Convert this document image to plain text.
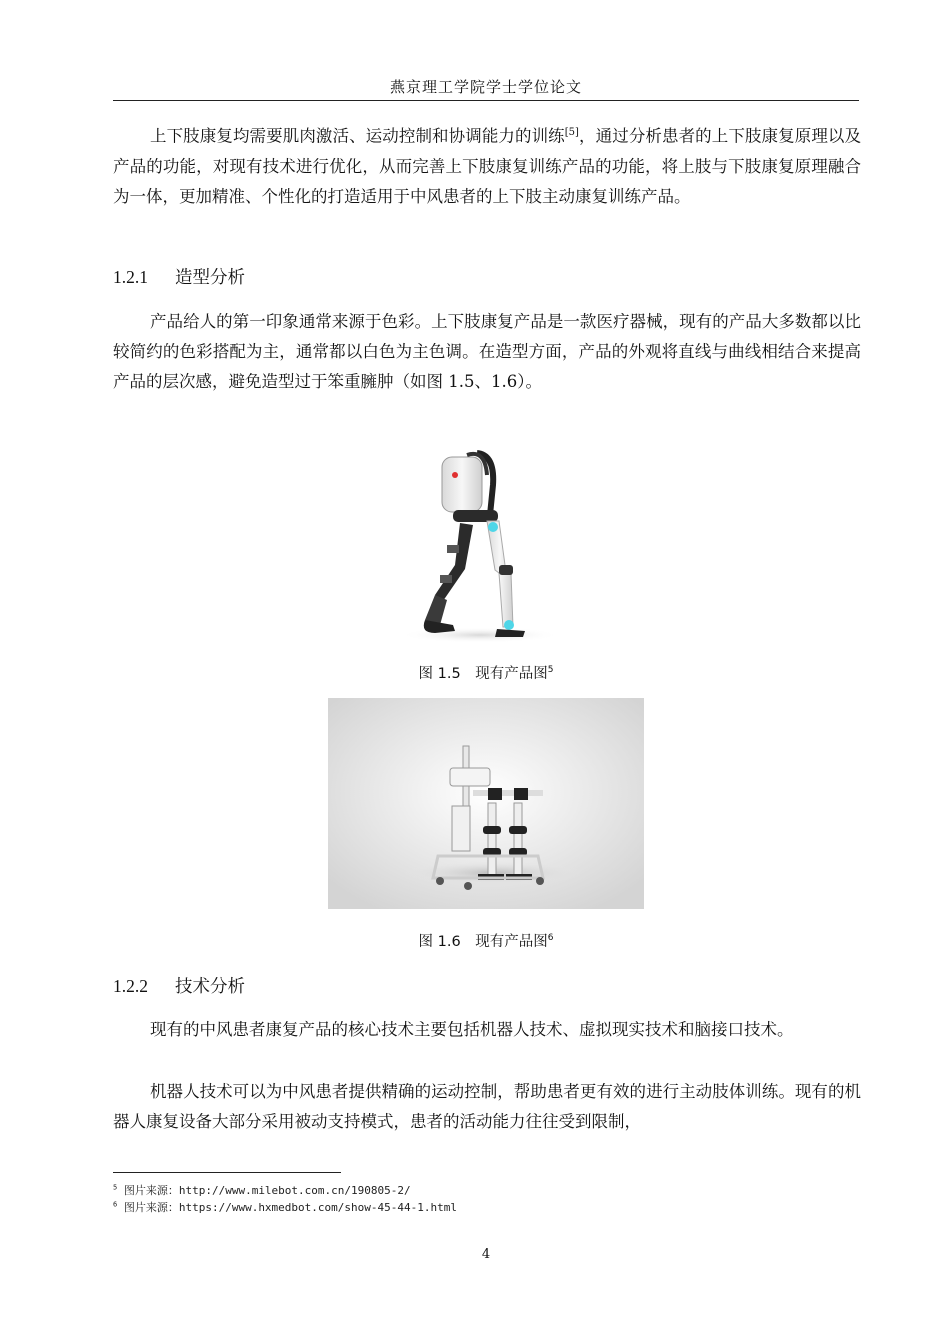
燕京理工学院学士学位论文

上下肢康复均需要肌肉激活、运动控制和协调能力的训练[5]，通过分析患者的上下肢康复原理以及产品的功能，对现有技术进行优化，从而完善上下肢康复训练产品的功能，将上肢与下肢康复原理融合为一体，更加精准、个性化的打造适用于中风患者的上下肢主动康复训练产品。

1.2.1 造型分析

产品给人的第一印象通常来源于色彩。上下肢康复产品是一款医疗器械，现有的产品大多数都以比较简约的色彩搭配为主，通常都以白色为主色调。在造型方面，产品的外观将直线与曲线相结合来提高产品的层次感，避免造型过于笨重臃肿（如图 1.5、1.6）。

图 1.5　现有产品图$^5$
图 1.6　现有产品图$^6$
1.2.2 技术分析

现有的中风患者康复产品的核心技术主要包括机器人技术、虚拟现实技术和脑接口技术。

机器人技术可以为中风患者提供精确的运动控制，帮助患者更有效的进行主动肢体训练。现有的机器人康复设备大部分采用被动支持模式，患者的活动能力往往受到限制，

$^5$ 图片来源：http://www.milebot.com.cn/190805-2/
$^6$ 图片来源：https://www.hxmedbot.com/show-45-44-1.html
4
